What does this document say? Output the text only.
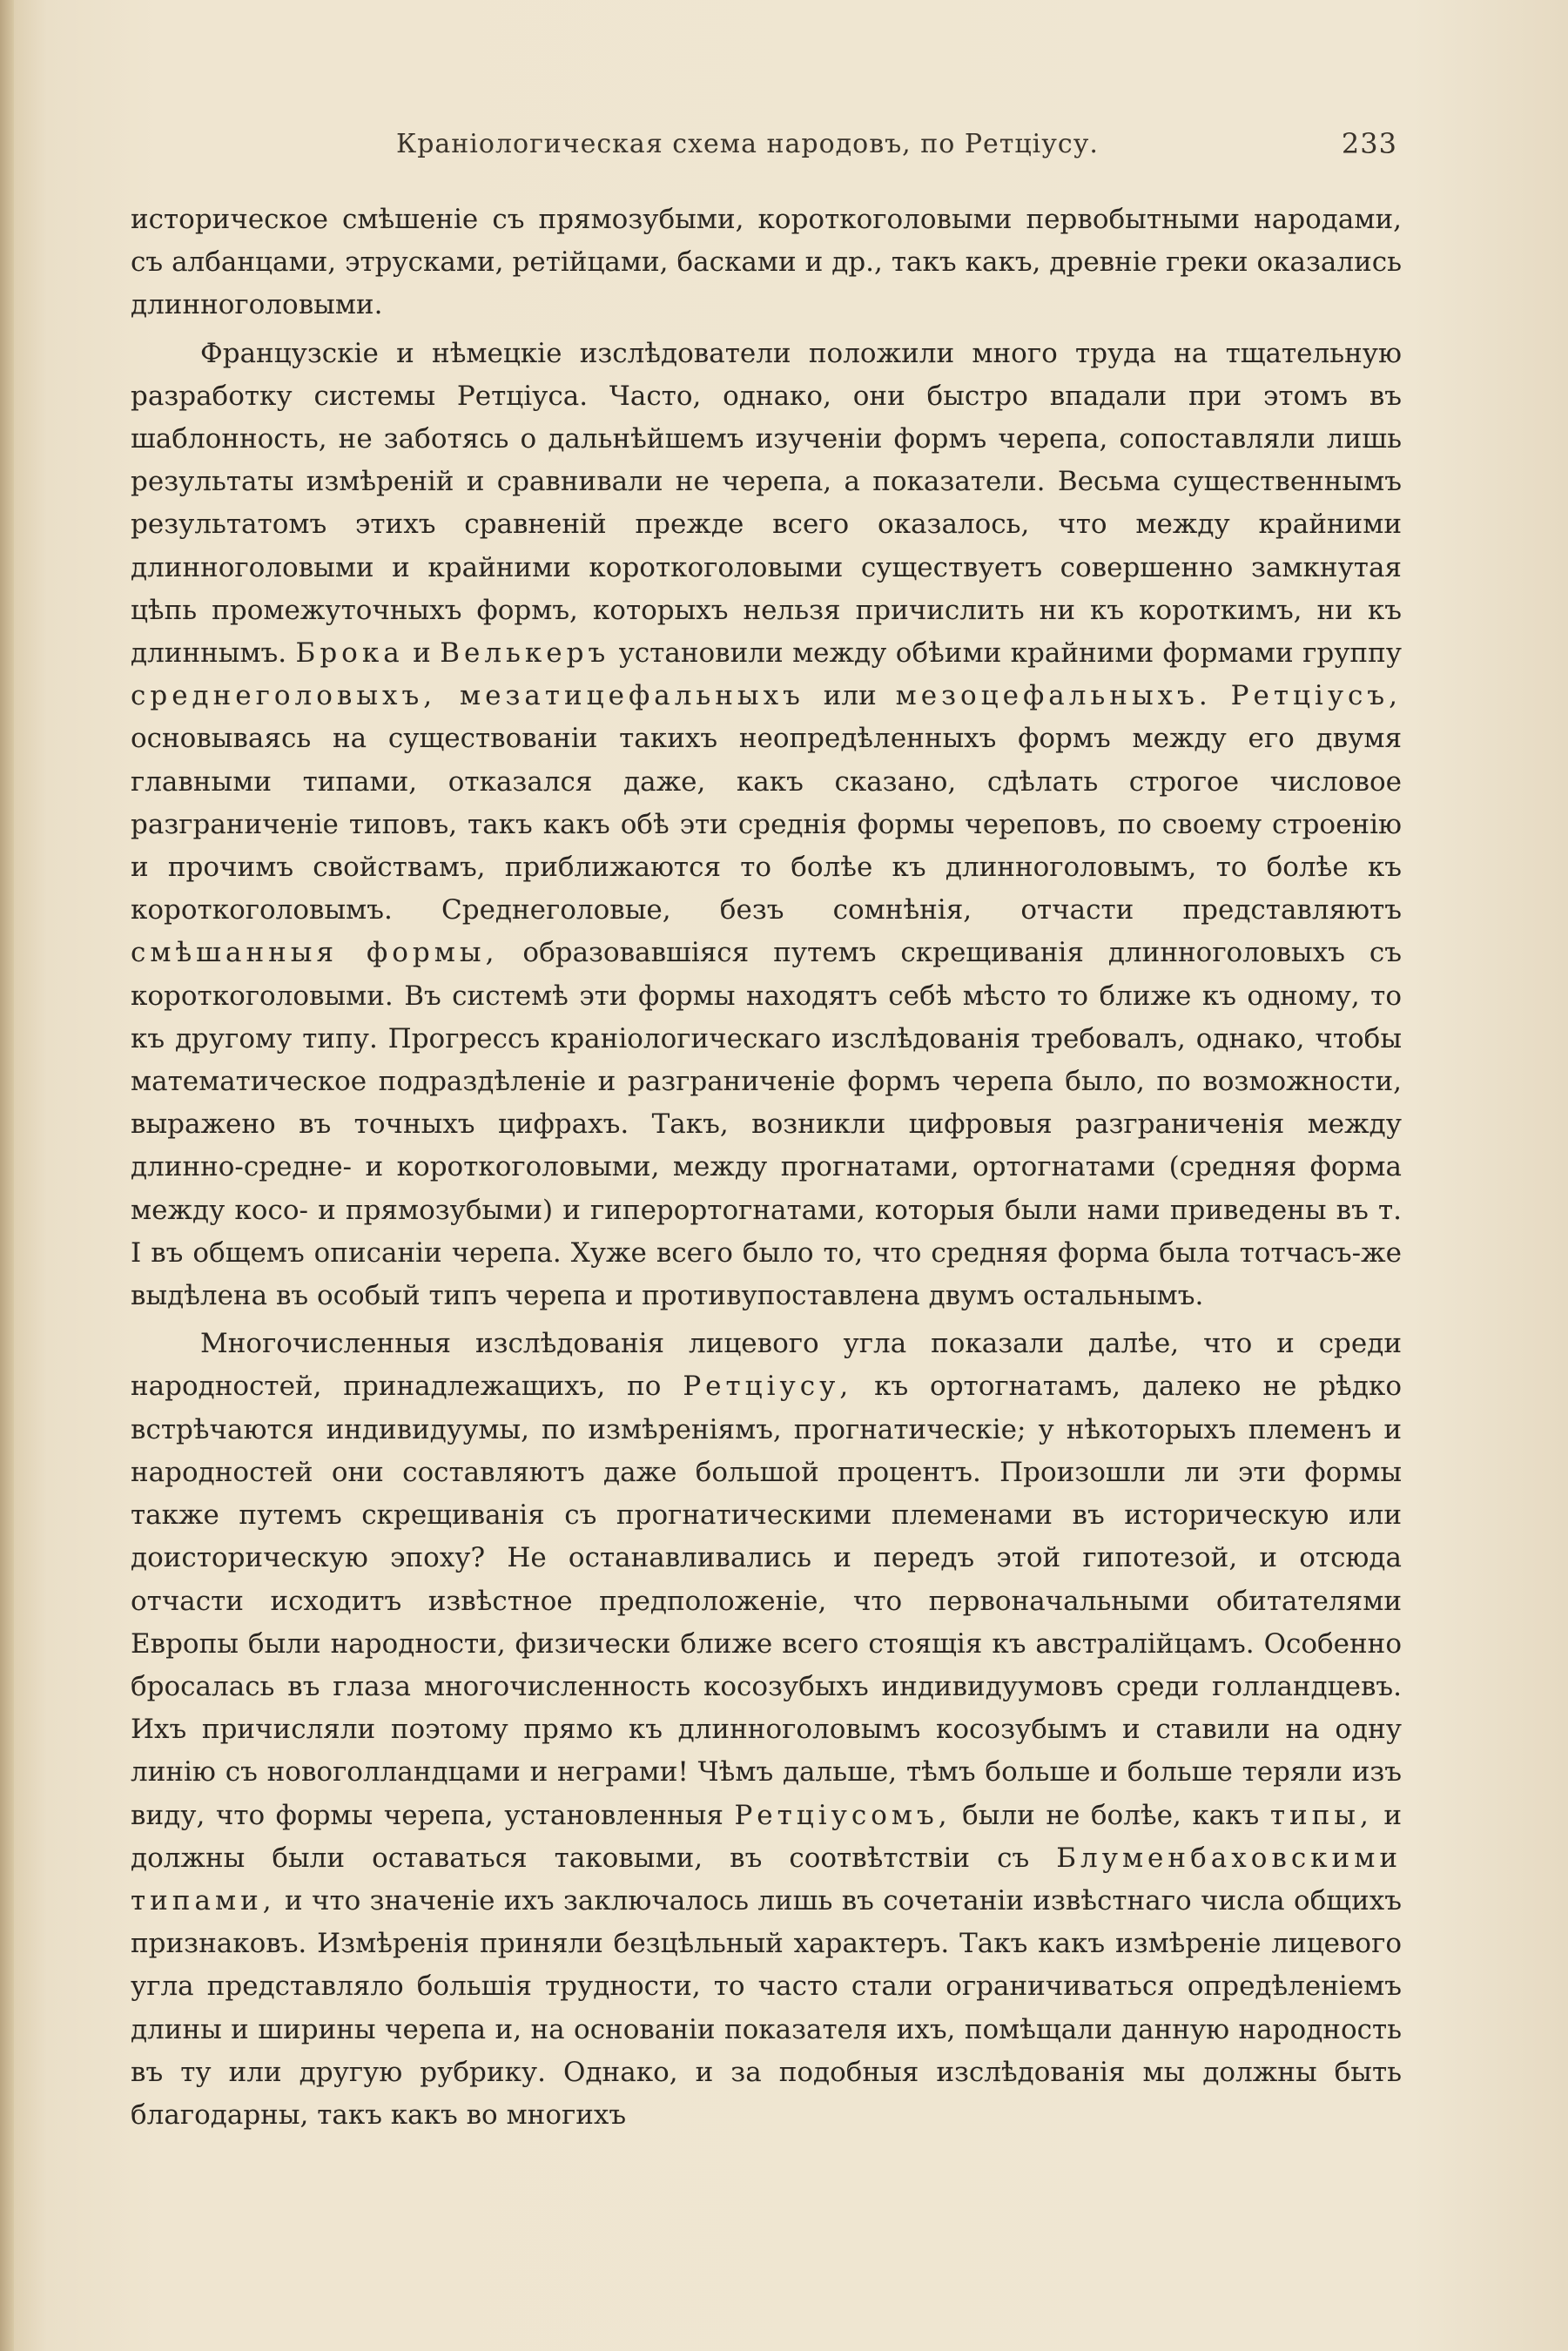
Краніологическая схема народовъ, по Ретціусу.	233

историческое смѣшеніе съ прямозубыми, короткоголовыми первобытными народами, съ албанцами, этрусками, ретійцами, басками и др., такъ какъ, древніе греки оказались длинноголовыми.

Французскіе и нѣмецкіе изслѣдователи положили много труда на тщательную разработку системы Ретціуса. Часто, однако, они быстро впадали при этомъ въ шаблонность, не заботясь о дальнѣйшемъ изученіи формъ черепа, сопоставляли лишь результаты измѣреній и сравнивали не черепа, а показатели. Весьма существеннымъ результатомъ этихъ сравненій прежде всего оказалось, что между крайними длинноголовыми и крайними короткоголовыми существуетъ совершенно замкнутая цѣпь промежуточныхъ формъ, которыхъ нельзя причислить ни къ короткимъ, ни къ длиннымъ. Брока и Велькеръ установили между обѣими крайними формами группу среднеголовыхъ, мезатицефальныхъ или мезоцефальныхъ. Ретціусъ, основываясь на существованіи такихъ неопредѣленныхъ формъ между его двумя главными типами, отказался даже, какъ сказано, сдѣлать строгое числовое разграниченіе типовъ, такъ какъ обѣ эти среднія формы череповъ, по своему строенію и прочимъ свойствамъ, приближаются то болѣе къ длинноголовымъ, то болѣе къ короткоголовымъ. Среднеголовые, безъ сомнѣнія, отчасти представляютъ смѣшанныя формы, образовавшіяся путемъ скрещиванія длинноголовыхъ съ короткоголовыми. Въ системѣ эти формы находятъ себѣ мѣсто то ближе къ одному, то къ другому типу. Прогрессъ краніологическаго изслѣдованія требовалъ, однако, чтобы математическое подраздѣленіе и разграниченіе формъ черепа было, по возможности, выражено въ точныхъ цифрахъ. Такъ, возникли цифровыя разграниченія между длинно-средне- и короткоголовыми, между прогнатами, ортогнатами (средняя форма между косо- и прямозубыми) и гиперортогнатами, которыя были нами приведены въ т. I въ общемъ описаніи черепа. Хуже всего было то, что средняя форма была тотчасъ-же выдѣлена въ особый типъ черепа и противупоставлена двумъ остальнымъ.

Многочисленныя изслѣдованія лицевого угла показали далѣе, что и среди народностей, принадлежащихъ, по Ретціусу, къ ортогнатамъ, далеко не рѣдко встрѣчаются индивидуумы, по измѣреніямъ, прогнатическіе; у нѣкоторыхъ племенъ и народностей они составляютъ даже большой процентъ. Произошли ли эти формы также путемъ скрещиванія съ прогнатическими племенами въ историческую или доисторическую эпоху? Не останавливались и передъ этой гипотезой, и отсюда отчасти исходитъ извѣстное предположеніе, что первоначальными обитателями Европы были народности, физически ближе всего стоящія къ австралійцамъ. Особенно бросалась въ глаза многочисленность косозубыхъ индивидуумовъ среди голландцевъ. Ихъ причисляли поэтому прямо къ длинноголовымъ косозубымъ и ставили на одну линію съ новоголландцами и неграми! Чѣмъ дальше, тѣмъ больше и больше теряли изъ виду, что формы черепа, установленныя Ретціусомъ, были не болѣе, какъ типы, и должны были оставаться таковыми, въ соотвѣтствіи съ Блуменбаховскими типами, и что значеніе ихъ заключалось лишь въ сочетаніи извѣстнаго числа общихъ признаковъ. Измѣренія приняли безцѣльный характеръ. Такъ какъ измѣреніе лицевого угла представляло большія трудности, то часто стали ограничиваться опредѣленіемъ длины и ширины черепа и, на основаніи показателя ихъ, помѣщали данную народность въ ту или другую рубрику. Однако, и за подобныя изслѣдованія мы должны быть благодарны, такъ какъ во многихъ
